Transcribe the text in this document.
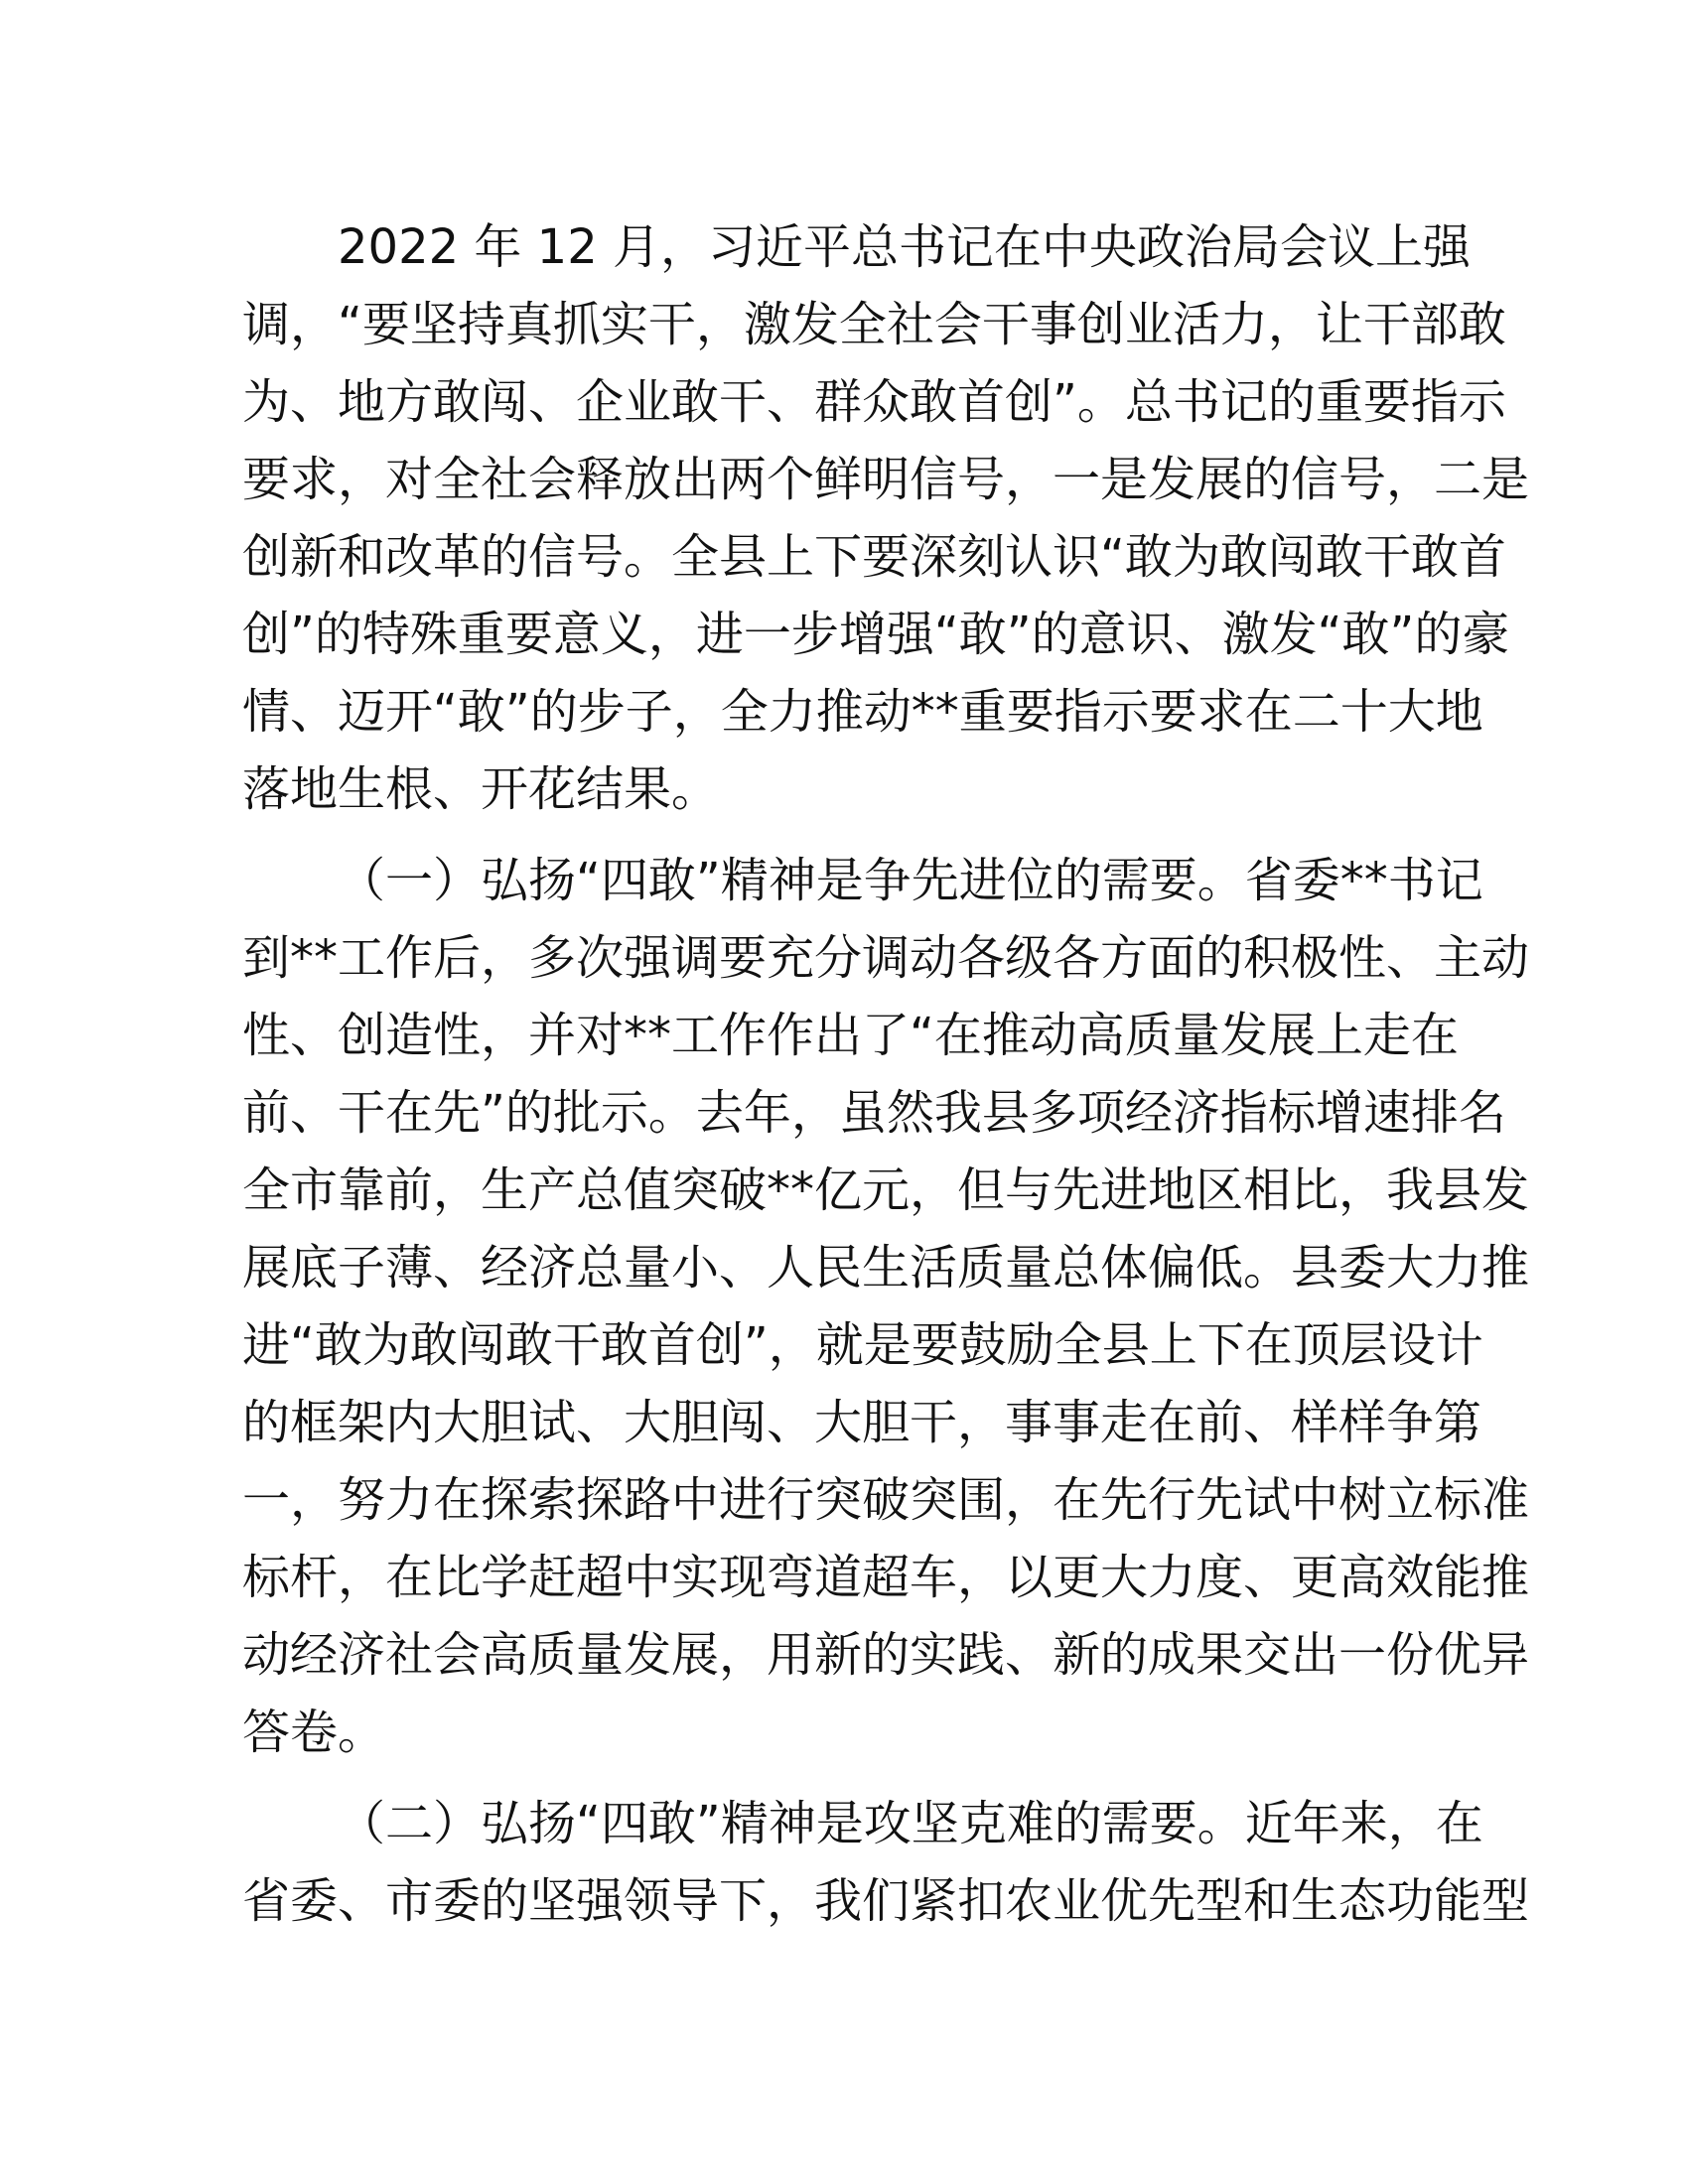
2022 年 12 月，习近平总书记在中央政治局会议上强
调，“要坚持真抓实干，激发全社会干事创业活力，让干部敢
为、地方敢闯、企业敢干、群众敢首创”。总书记的重要指示
要求，对全社会释放出两个鲜明信号，一是发展的信号，二是
创新和改革的信号。全县上下要深刻认识“敢为敢闯敢干敢首
创”的特殊重要意义，进一步增强“敢”的意识、激发“敢”的豪
情、迈开“敢”的步子，全力推动**重要指示要求在二十大地
落地生根、开花结果。
（一）弘扬“四敢”精神是争先进位的需要。省委**书记
到**工作后，多次强调要充分调动各级各方面的积极性、主动
性、创造性，并对**工作作出了“在推动高质量发展上走在
前、干在先”的批示。去年，虽然我县多项经济指标增速排名
全市靠前，生产总值突破**亿元，但与先进地区相比，我县发
展底子薄、经济总量小、人民生活质量总体偏低。县委大力推
进“敢为敢闯敢干敢首创”，就是要鼓励全县上下在顶层设计
的框架内大胆试、大胆闯、大胆干，事事走在前、样样争第
一，努力在探索探路中进行突破突围，在先行先试中树立标准
标杆，在比学赶超中实现弯道超车，以更大力度、更高效能推
动经济社会高质量发展，用新的实践、新的成果交出一份优异
答卷。
（二）弘扬“四敢”精神是攻坚克难的需要。近年来，在
省委、市委的坚强领导下，我们紧扣农业优先型和生态功能型
